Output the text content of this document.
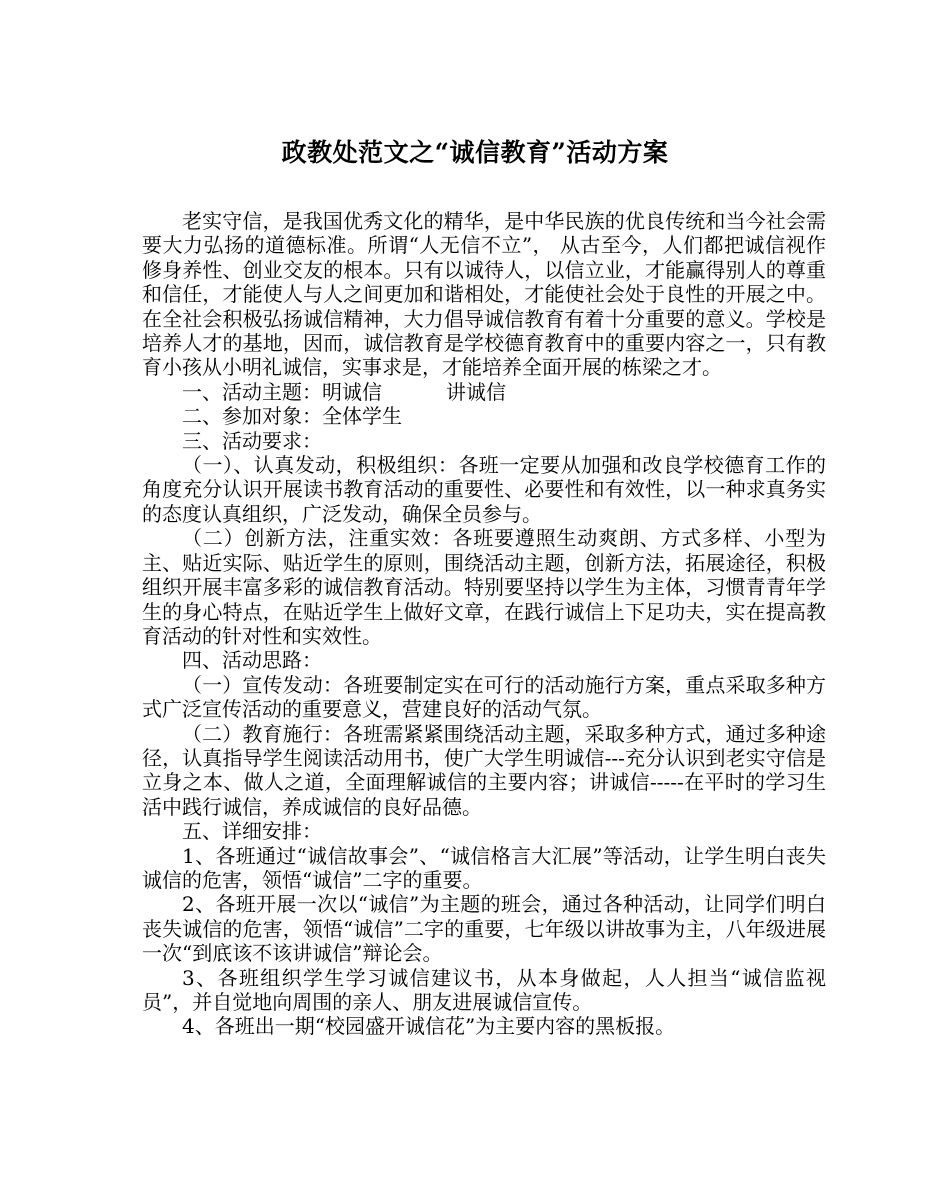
政教处范文之“诚信教育”活动方案

老实守信，是我国优秀文化的精华，是中华民族的优良传统和当今社会需要大力弘扬的道德标准。所谓“人无信不立”， 从古至今，人们都把诚信视作修身养性、创业交友的根本。只有以诚待人，以信立业，才能赢得别人的尊重和信任，才能使人与人之间更加和谐相处，才能使社会处于良性的开展之中。在全社会积极弘扬诚信精神，大力倡导诚信教育有着十分重要的意义。学校是培养人才的基地，因而，诚信教育是学校德育教育中的重要内容之一，只有教育小孩从小明礼诚信，实事求是，才能培养全面开展的栋梁之才。

一、活动主题：明诚信	讲诚信

二、参加对象：全体学生

三、活动要求：

（一）、认真发动，积极组织：各班一定要从加强和改良学校德育工作的角度充分认识开展读书教育活动的重要性、必要性和有效性，以一种求真务实的态度认真组织，广泛发动，确保全员参与。

（二）创新方法，注重实效：各班要遵照生动爽朗、方式多样、小型为主、贴近实际、贴近学生的原则，围绕活动主题，创新方法，拓展途径，积极组织开展丰富多彩的诚信教育活动。特别要坚持以学生为主体，习惯青青年学生的身心特点，在贴近学生上做好文章，在践行诚信上下足功夫，实在提高教育活动的针对性和实效性。

四、活动思路：

（一）宣传发动：各班要制定实在可行的活动施行方案，重点采取多种方式广泛宣传活动的重要意义，营建良好的活动气氛。

（二）教育施行：各班需紧紧围绕活动主题，采取多种方式，通过多种途径，认真指导学生阅读活动用书，使广大学生明诚信---充分认识到老实守信是立身之本、做人之道，全面理解诚信的主要内容；讲诚信-----在平时的学习生活中践行诚信，养成诚信的良好品德。

五、详细安排：

1、各班通过“诚信故事会”、“诚信格言大汇展”等活动，让学生明白丧失诚信的危害，领悟“诚信”二字的重要。

2、各班开展一次以“诚信”为主题的班会，通过各种活动，让同学们明白丧失诚信的危害，领悟“诚信”二字的重要，七年级以讲故事为主，八年级进展一次“到底该不该讲诚信”辩论会。

3、各班组织学生学习诚信建议书，从本身做起，人人担当“诚信监视员”，并自觉地向周围的亲人、朋友进展诚信宣传。

4、各班出一期“校园盛开诚信花”为主要内容的黑板报。
